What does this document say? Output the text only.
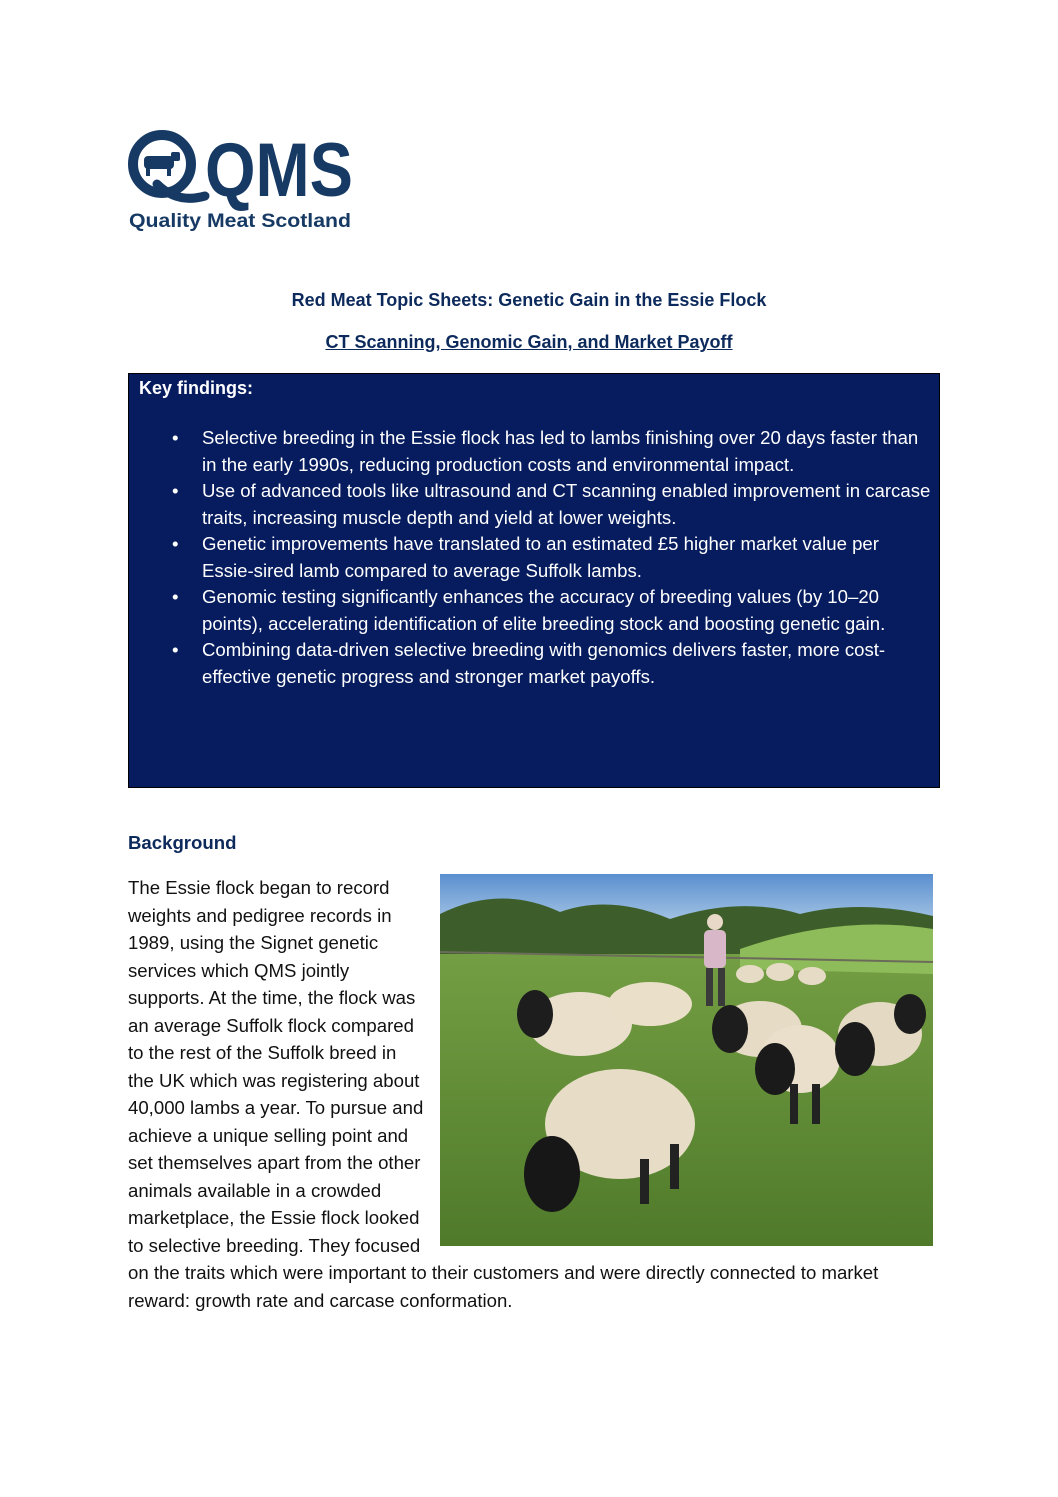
QMS
Quality Meat Scotland
Red Meat Topic Sheets: Genetic Gain in the Essie Flock
CT Scanning, Genomic Gain, and Market Payoff
Key findings:
• Selective breeding in the Essie flock has led to lambs finishing over 20 days faster than in the early 1990s, reducing production costs and environmental impact.
• Use of advanced tools like ultrasound and CT scanning enabled improvement in carcase traits, increasing muscle depth and yield at lower weights.
• Genetic improvements have translated to an estimated £5 higher market value per Essie-sired lamb compared to average Suffolk lambs.
• Genomic testing significantly enhances the accuracy of breeding values (by 10–20 points), accelerating identification of elite breeding stock and boosting genetic gain.
• Combining data-driven selective breeding with genomics delivers faster, more cost-effective genetic progress and stronger market payoffs.
Background
The Essie flock began to record weights and pedigree records in 1989, using the Signet genetic services which QMS jointly supports. At the time, the flock was an average Suffolk flock compared to the rest of the Suffolk breed in the UK which was registering about 40,000 lambs a year. To pursue and achieve a unique selling point and set themselves apart from the other animals available in a crowded marketplace, the Essie flock looked to selective breeding. They focused on the traits which were important to their customers and were directly connected to market reward: growth rate and carcase conformation.
